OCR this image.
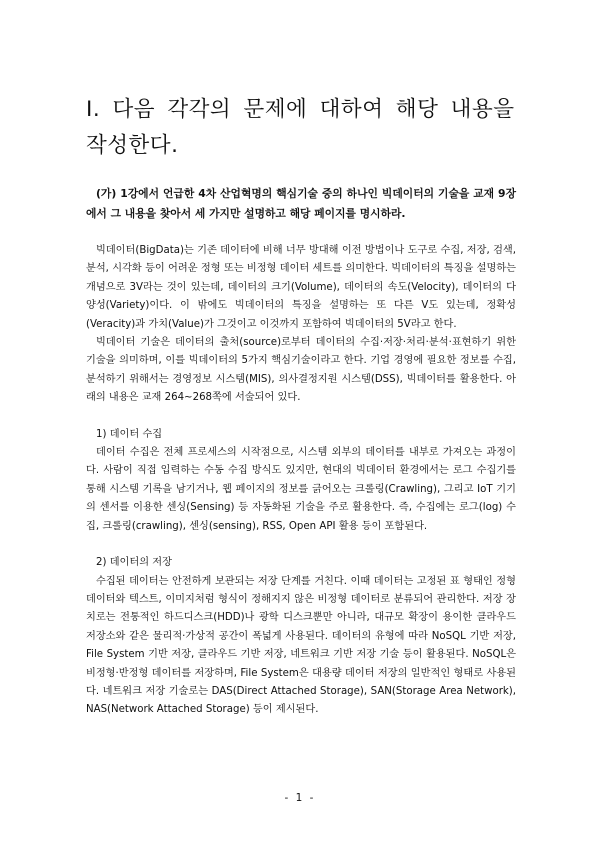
I. 다음 각각의 문제에 대하여 해당 내용을 작성한다.

(가) 1강에서 언급한 4차 산업혁명의 핵심기술 중의 하나인 빅데이터의 기술을 교재 9장에서 그 내용을 찾아서 세 가지만 설명하고 해당 페이지를 명시하라.

빅데이터(BigData)는 기존 데이터에 비해 너무 방대해 이전 방법이나 도구로 수집, 저장, 검색, 분석, 시각화 등이 어려운 정형 또는 비정형 데이터 세트를 의미한다. 빅데이터의 특징을 설명하는 개념으로 3V라는 것이 있는데, 데이터의 크기(Volume), 데이터의 속도(Velocity), 데이터의 다양성(Variety)이다. 이 밖에도 빅데이터의 특징을 설명하는 또 다른 V도 있는데, 정확성(Veracity)과 가치(Value)가 그것이고 이것까지 포함하여 빅데이터의 5V라고 한다.

빅데이터 기술은 데이터의 출처(source)로부터 데이터의 수집·저장·처리·분석·표현하기 위한 기술을 의미하며, 이를 빅데이터의 5가지 핵심기술이라고 한다. 기업 경영에 필요한 정보를 수집, 분석하기 위해서는 경영정보 시스템(MIS), 의사결정지원 시스템(DSS), 빅데이터를 활용한다. 아래의 내용은 교재 264~268쪽에 서술되어 있다.

1) 데이터 수집

데이터 수집은 전체 프로세스의 시작점으로, 시스템 외부의 데이터를 내부로 가져오는 과정이다. 사람이 직접 입력하는 수동 수집 방식도 있지만, 현대의 빅데이터 환경에서는 로그 수집기를 통해 시스템 기록을 남기거나, 웹 페이지의 정보를 긁어오는 크롤링(Crawling), 그리고 IoT 기기의 센서를 이용한 센싱(Sensing) 등 자동화된 기술을 주로 활용한다. 즉, 수집에는 로그(log) 수집, 크롤링(crawling), 센싱(sensing), RSS, Open API 활용 등이 포함된다.

2) 데이터의 저장

수집된 데이터는 안전하게 보관되는 저장 단계를 거친다. 이때 데이터는 고정된 표 형태인 정형 데이터와 텍스트, 이미지처럼 형식이 정해지지 않은 비정형 데이터로 분류되어 관리한다. 저장 장치로는 전통적인 하드디스크(HDD)나 광학 디스크뿐만 아니라, 대규모 확장이 용이한 클라우드 저장소와 같은 물리적·가상적 공간이 폭넓게 사용된다. 데이터의 유형에 따라 NoSQL 기반 저장, File System 기반 저장, 클라우드 기반 저장, 네트워크 기반 저장 기술 등이 활용된다. NoSQL은 비정형·반정형 데이터를 저장하며, File System은 대용량 데이터 저장의 일반적인 형태로 사용된다. 네트워크 저장 기술로는 DAS(Direct Attached Storage), SAN(Storage Area Network), NAS(Network Attached Storage) 등이 제시된다.

- 1 -
